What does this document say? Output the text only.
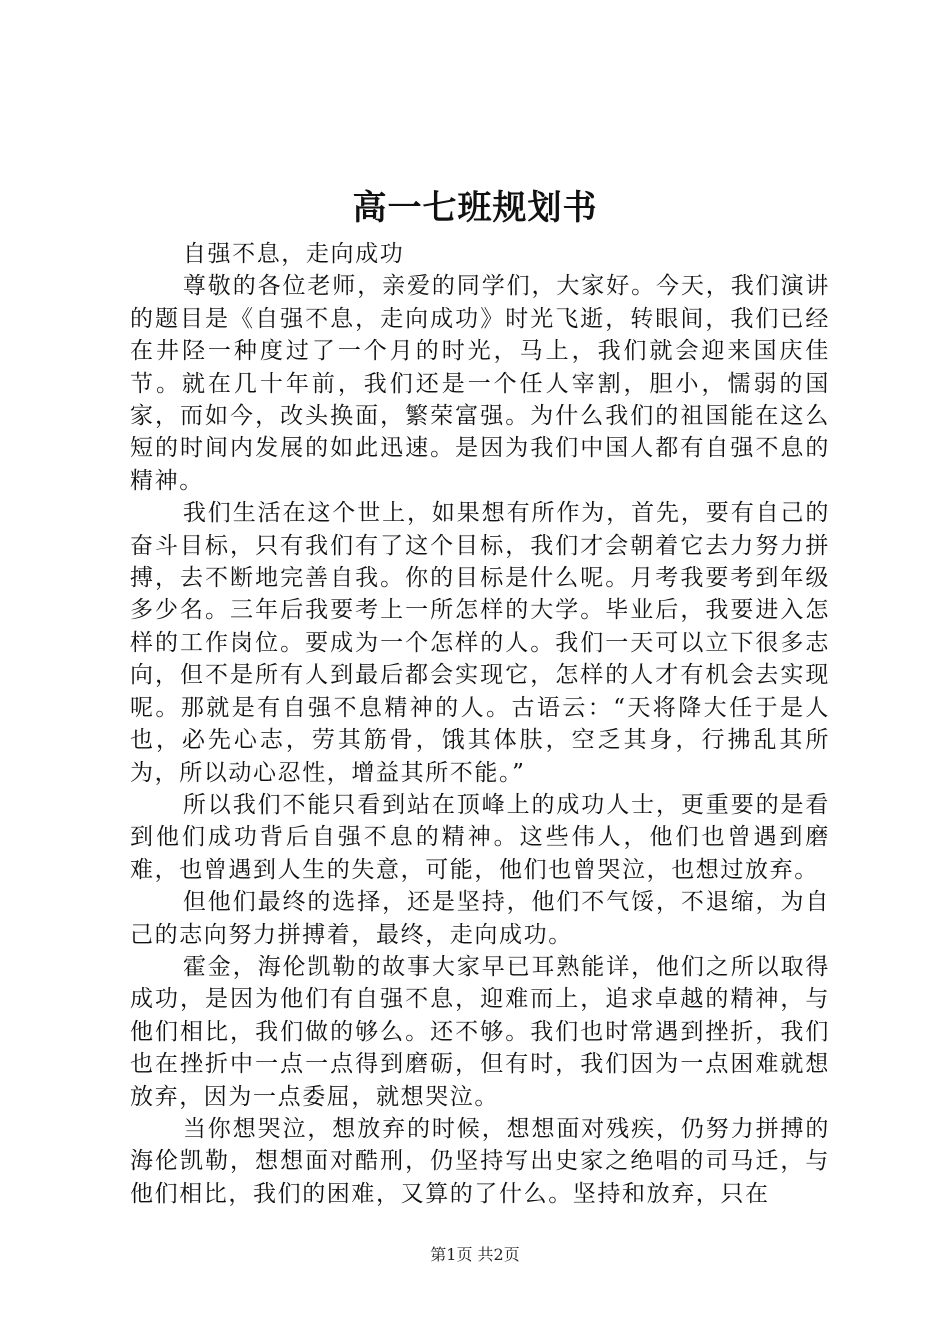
高一七班规划书

自强不息，走向成功

尊敬的各位老师，亲爱的同学们，大家好。今天，我们演讲的题目是《自强不息，走向成功》时光飞逝，转眼间，我们已经在井陉一种度过了一个月的时光，马上，我们就会迎来国庆佳节。就在几十年前，我们还是一个任人宰割，胆小，懦弱的国家，而如今，改头换面，繁荣富强。为什么我们的祖国能在这么短的时间内发展的如此迅速。是因为我们中国人都有自强不息的精神。

我们生活在这个世上，如果想有所作为，首先，要有自己的奋斗目标，只有我们有了这个目标，我们才会朝着它去力努力拼搏，去不断地完善自我。你的目标是什么呢。月考我要考到年级多少名。三年后我要考上一所怎样的大学。毕业后，我要进入怎样的工作岗位。要成为一个怎样的人。我们一天可以立下很多志向，但不是所有人到最后都会实现它，怎样的人才有机会去实现呢。那就是有自强不息精神的人。古语云：“天将降大任于是人也，必先心志，劳其筋骨，饿其体肤，空乏其身，行拂乱其所为，所以动心忍性，增益其所不能。”

所以我们不能只看到站在顶峰上的成功人士，更重要的是看到他们成功背后自强不息的精神。这些伟人，他们也曾遇到磨难，也曾遇到人生的失意，可能，他们也曾哭泣，也想过放弃。

但他们最终的选择，还是坚持，他们不气馁，不退缩，为自己的志向努力拼搏着，最终，走向成功。

霍金，海伦凯勒的故事大家早已耳熟能详，他们之所以取得成功，是因为他们有自强不息，迎难而上，追求卓越的精神，与他们相比，我们做的够么。还不够。我们也时常遇到挫折，我们也在挫折中一点一点得到磨砺，但有时，我们因为一点困难就想放弃，因为一点委屈，就想哭泣。

当你想哭泣，想放弃的时候，想想面对残疾，仍努力拼搏的海伦凯勒，想想面对酷刑，仍坚持写出史家之绝唱的司马迁，与他们相比，我们的困难，又算的了什么。坚持和放弃，只在

第1页 共2页
